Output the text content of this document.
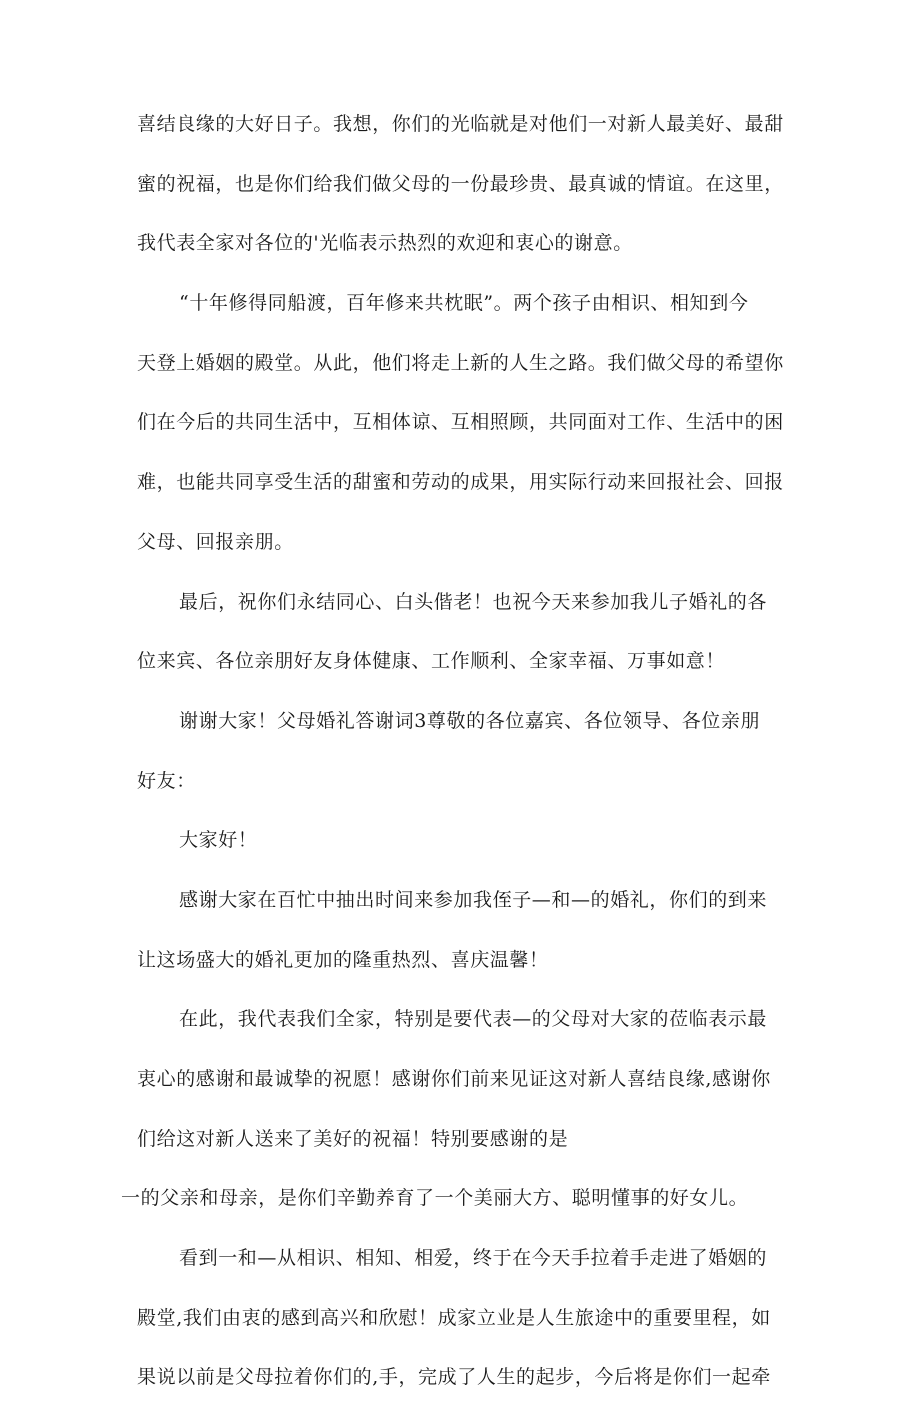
喜结良缘的大好日子。我想，你们的光临就是对他们一对新人最美好、最甜
蜜的祝福，也是你们给我们做父母的一份最珍贵、最真诚的情谊。在这里，
我代表全家对各位的'光临表示热烈的欢迎和衷心的谢意。
“十年修得同船渡，百年修来共枕眠”。两个孩子由相识、相知到今
天登上婚姻的殿堂。从此，他们将走上新的人生之路。我们做父母的希望你
们在今后的共同生活中，互相体谅、互相照顾，共同面对工作、生活中的困
难，也能共同享受生活的甜蜜和劳动的成果，用实际行动来回报社会、回报
父母、回报亲朋。
最后，祝你们永结同心、白头偕老！也祝今天来参加我儿子婚礼的各
位来宾、各位亲朋好友身体健康、工作顺利、全家幸福、万事如意！
谢谢大家！父母婚礼答谢词3尊敬的各位嘉宾、各位领导、各位亲朋
好友：
大家好！
感谢大家在百忙中抽出时间来参加我侄子—和—的婚礼，你们的到来
让这场盛大的婚礼更加的隆重热烈、喜庆温馨！
在此，我代表我们全家，特别是要代表—的父母对大家的莅临表示最
衷心的感谢和最诚挚的祝愿！感谢你们前来见证这对新人喜结良缘,感谢你
们给这对新人送来了美好的祝福！特别要感谢的是
一的父亲和母亲，是你们辛勤养育了一个美丽大方、聪明懂事的好女儿。
看到一和—从相识、相知、相爱，终于在今天手拉着手走进了婚姻的
殿堂,我们由衷的感到高兴和欣慰！成家立业是人生旅途中的重要里程，如
果说以前是父母拉着你们的,手，完成了人生的起步，今后将是你们一起牵
